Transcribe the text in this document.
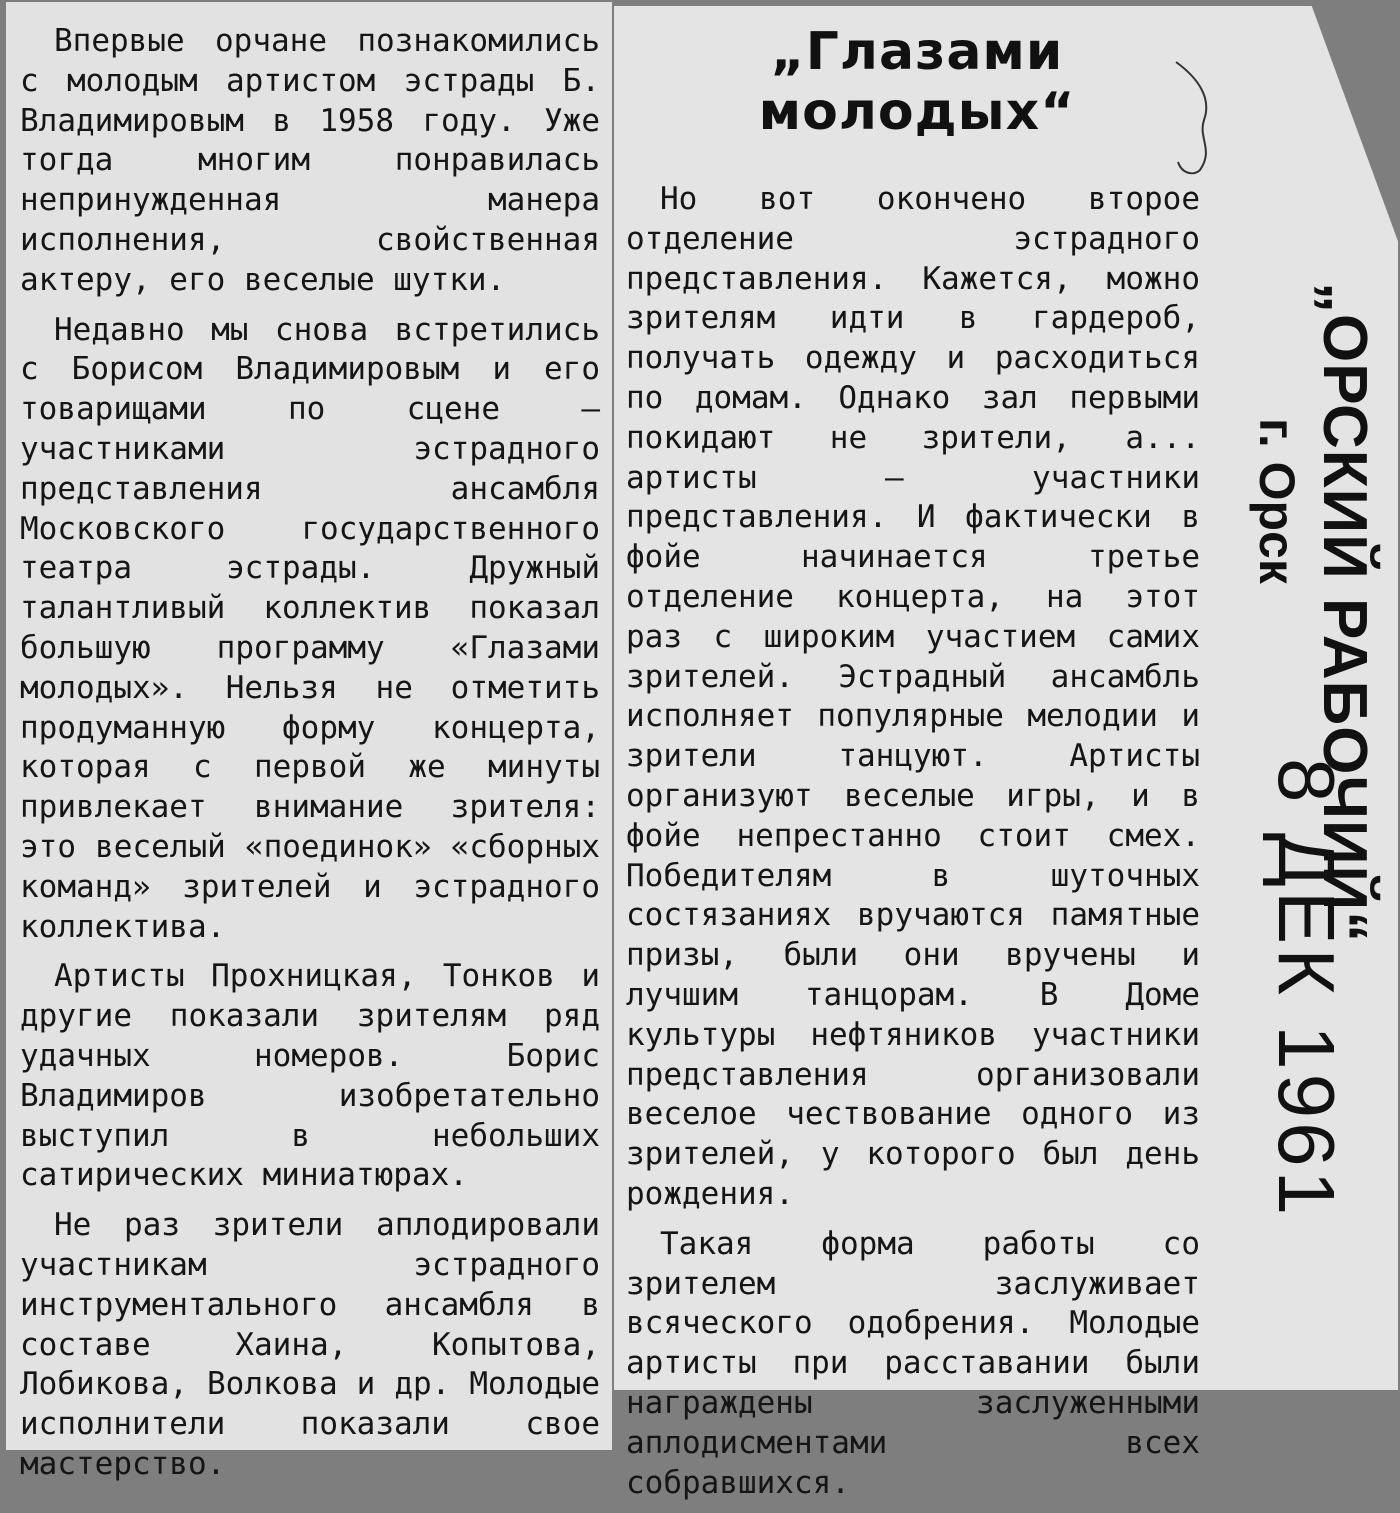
Впервые орчане познакомились с молодым артистом эстрады Б. Владимировым в 1958 году. Уже тогда многим понравилась непринужденная манера исполнения, свойственная актеру, его веселые шутки.

Недавно мы снова встретились с Борисом Владимировым и его товарищами по сцене — участниками эстрадного представления ансамбля Московского государственного театра эстрады. Дружный талантливый коллектив показал большую программу «Глазами молодых». Нельзя не отметить продуманную форму концерта, которая с первой же минуты привлекает внимание зрителя: это веселый «поединок» «сборных команд» зрителей и эстрадного коллектива.

Артисты Прохницкая, Тонков и другие показали зрителям ряд удачных номеров. Борис Владимиров изобретательно выступил в небольших сатирических миниатюрах.

Не раз зрители аплодировали участникам эстрадного инструментального ансамбля в составе Хаина, Копытова, Лобикова, Волкова и др. Молодые исполнители показали свое мастерство.

„Глазами
молодых“

Но вот окончено второе отделение эстрадного представления. Кажется, можно зрителям идти в гардероб, получать одежду и расходиться по домам. Однако зал первыми покидают не зрители, а... артисты — участники представления. И фактически в фойе начинается третье отделение концерта, на этот раз с широким участием самих зрителей. Эстрадный ансамбль исполняет популярные мелодии и зрители танцуют. Артисты организуют веселые игры, и в фойе непрестанно стоит смех. Победителям в шуточных состязаниях вручаются памятные призы, были они вручены и лучшим танцорам. В Доме культуры нефтяников участники представления организовали веселое чествование одного из зрителей, у которого был день рождения.

Такая форма работы со зрителем заслуживает всяческого одобрения. Молодые артисты при расставании были награждены заслуженными аплодисментами всех собравшихся.

„ОРСКИЙ РАБОЧИЙ“
г. Орск
8 ДЕК 1961
